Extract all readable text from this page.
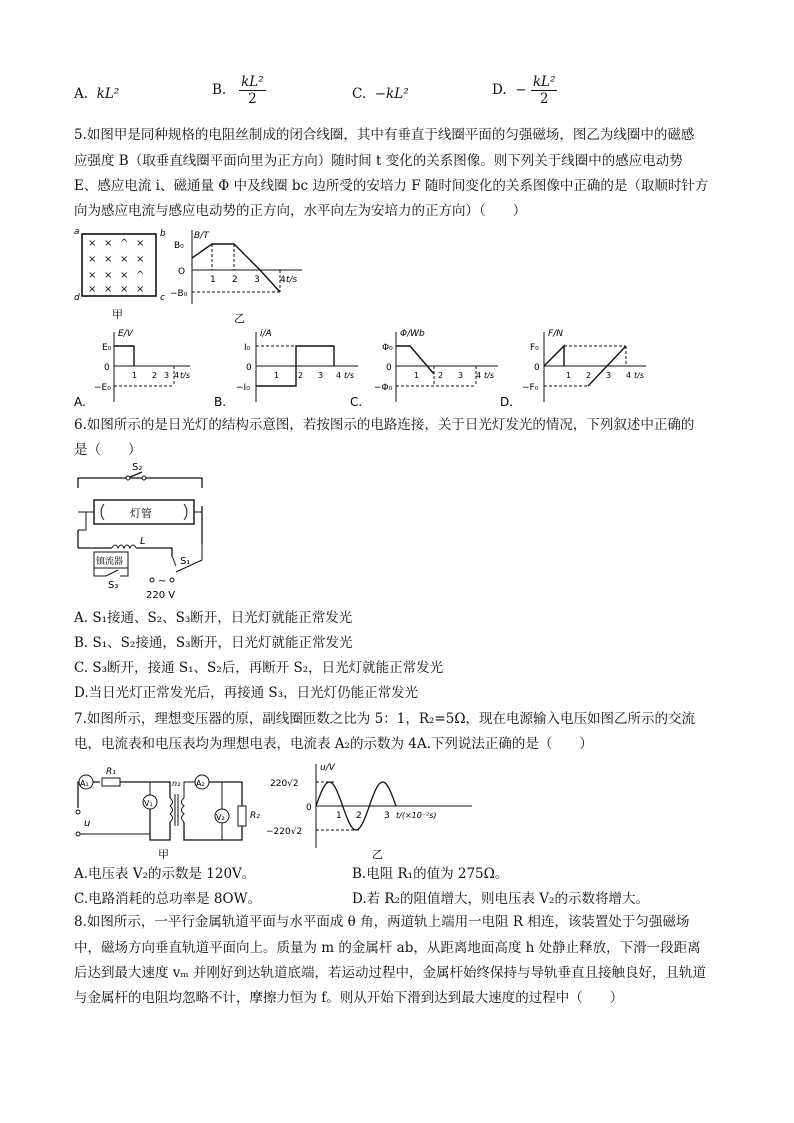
A. kL²	B. $\frac{\text{kL²}}{2}$	C. −kL²	D. − $\frac{\text{kL²}}{2}$
5.如图甲是同种规格的电阻丝制成的闭合线圈，其中有垂直于线圈平面的匀强磁场，图乙为线圈中的磁感
应强度 B（取垂直线圈平面向里为正方向）随时间 t 变化的关系图像。则下列关于线圈中的感应电动势
E、感应电流 i、磁通量 Φ 中及线圈 bc 边所受的安培力 F 随时间变化的关系图像中正确的是（取顺时针方
向为感应电流与感应电动势的正方向，水平向左为安培力的正方向）（　　）
× × ^ ×
× × × ×
× × × ^
× × × ×
a	b
c
d
甲
B/T
B₀
O
−B₀
1 2 3 4 t/s
乙
E/V
E₀
0
−E₀
1 2 3 4 t/s
A.
i/A
I₀
0
−I₀
1 2 3 4 t/s
B.
Φ/Wb
Φ₀
0
−Φ₀
1 2 3 4 t/s
C.
F/N
F₀
0
−F₀
1 2 3 4 t/s
D.
6.如图所示的是日光灯的结构示意图，若按图示的电路连接，关于日光灯发光的情况，下列叙述中正确的
是（　　）
S₂
灯管
L
镇流器
S₃
S₁
~
220 V
A. S₁接通、S₂、S₃断开，日光灯就能正常发光
B. S₁、S₂接通，S₃断开，日光灯就能正常发光
C. S₃断开，接通 S₁、S₂后，再断开 S₂，日光灯就能正常发光
D.当日光灯正常发光后，再接通 S₃，日光灯仍能正常发光
7.如图所示，理想变压器的原，副线圈匝数之比为 5：1，R₂=5Ω，现在电源输入电压如图乙所示的交流
电，电流表和电压表均为理想电表，电流表 A₂的示数为 4A.下列说法正确的是（　　）
A₁
R₁
V₁
n₂ A₂
V₂	R₂
u
甲
u/V
220√2
0
−220√2
1 2 3 t/(×10⁻²s)
乙
A.电压表 V₂的示数是 120V。	B.电阻 R₁的值为 275Ω。
C.电路消耗的总功率是 8OW。	D.若 R₂的阻值增大，则电压表 V₂的示数将增大。
8.如图所示，一平行金属轨道平面与水平面成 θ 角，两道轨上端用一电阻 R 相连，该装置处于匀强磁场
中，磁场方向垂直轨道平面向上。质量为 m 的金属杆 ab，从距离地面高度 h 处静止释放，下滑一段距离
后达到最大速度 vₘ 并刚好到达轨道底端，若运动过程中，金属杆始终保持与导轨垂直且接触良好，且轨道
与金属杆的电阻均忽略不计，摩擦力恒为 f。则从开始下滑到达到最大速度的过程中（　　）
